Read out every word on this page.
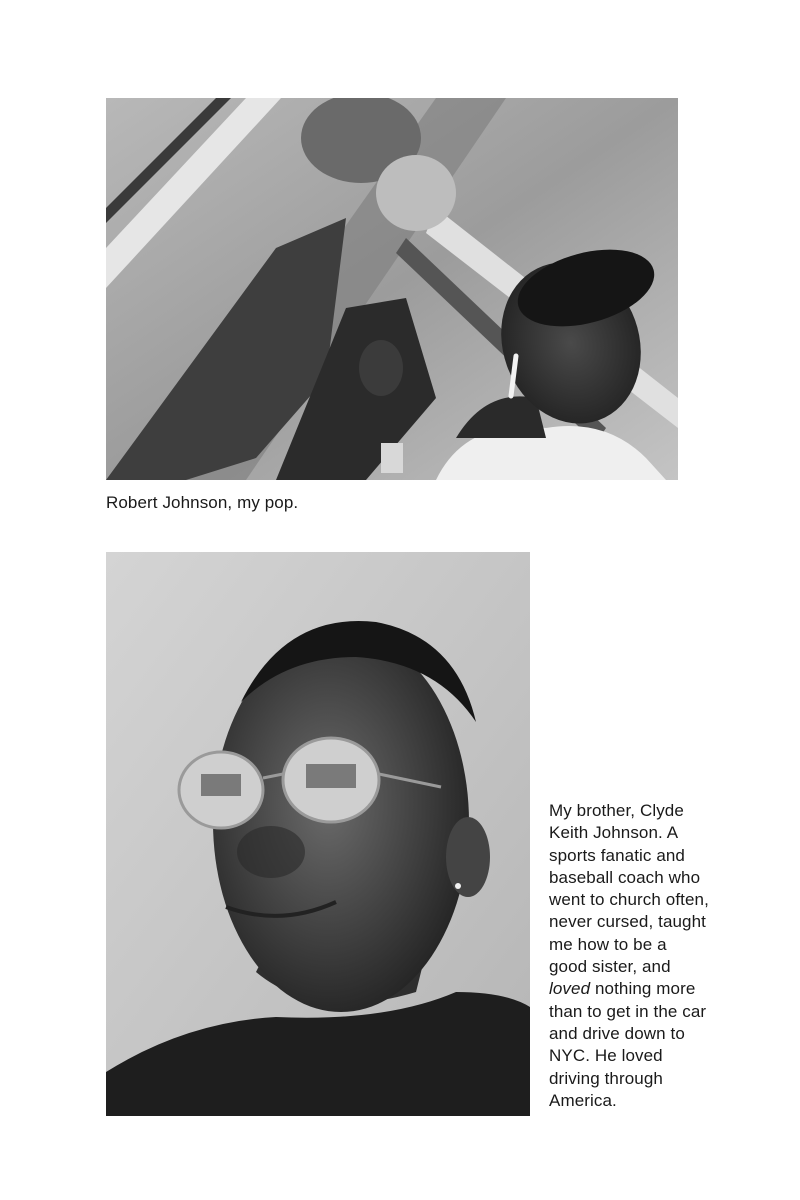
Robert Johnson, my pop.
My brother, Clyde Keith Johnson. A sports fanatic and baseball coach who went to church often, never cursed, taught me how to be a good sister, and loved nothing more than to get in the car and drive down to NYC. He loved driving through America.
